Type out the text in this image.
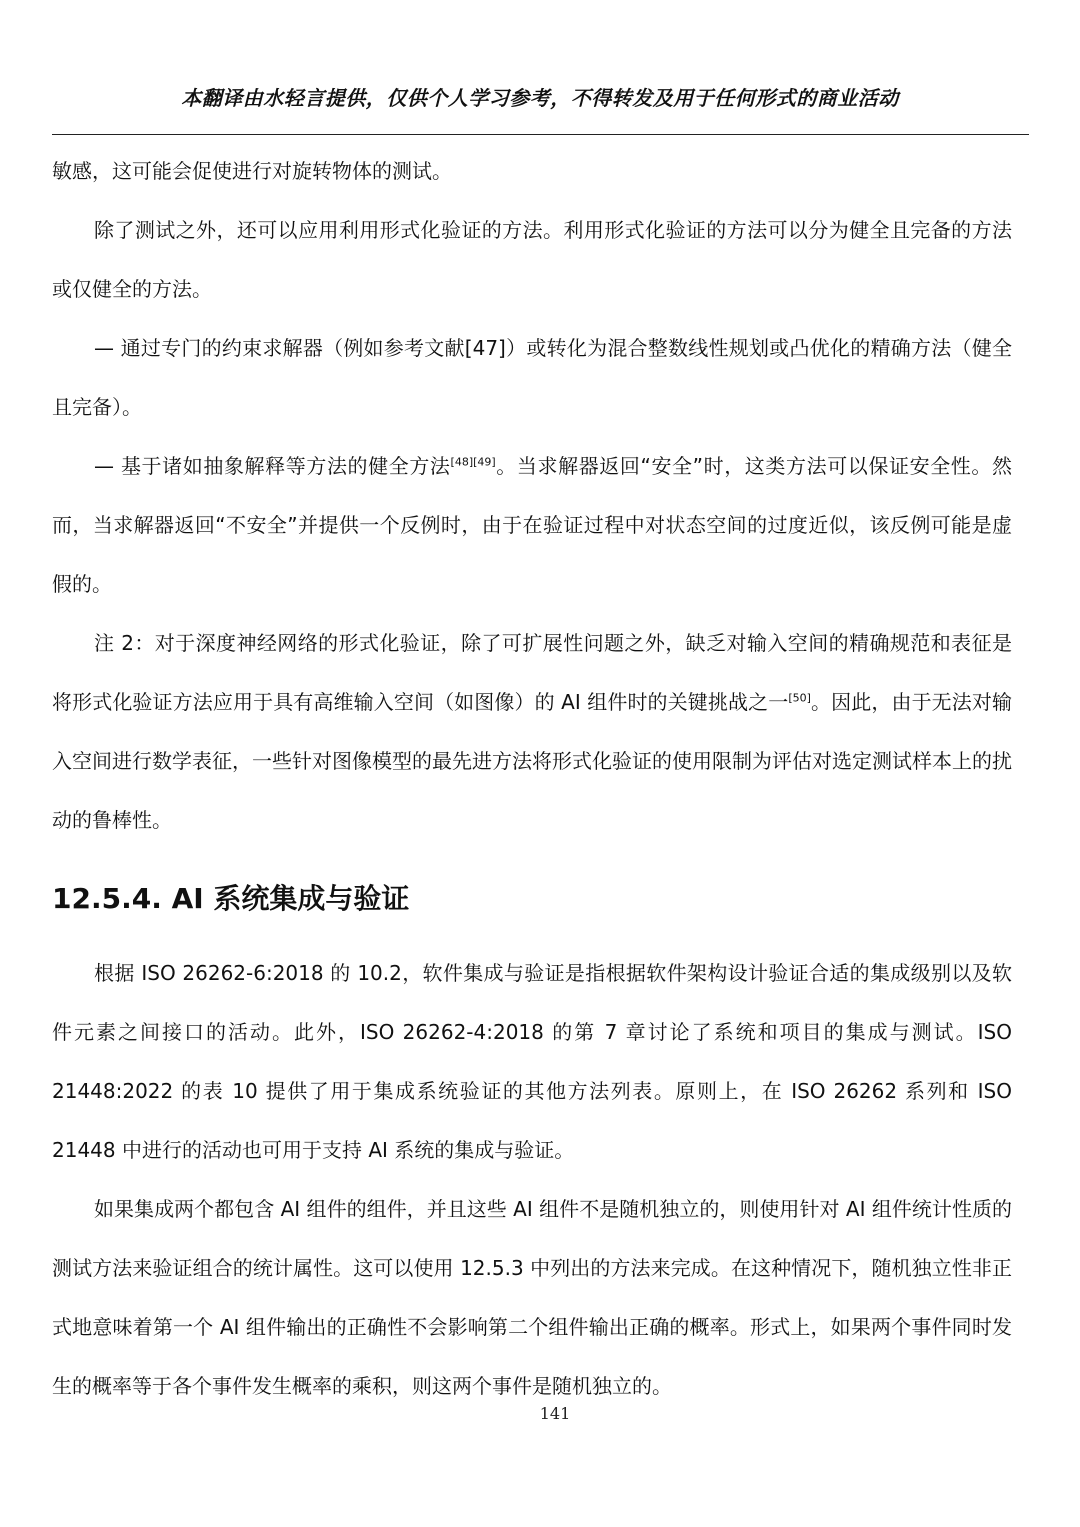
本翻译由水轻言提供，仅供个人学习参考，不得转发及用于任何形式的商业活动

敏感，这可能会促使进行对旋转物体的测试。

除了测试之外，还可以应用利用形式化验证的方法。利用形式化验证的方法可以分为健全且完备的方法或仅健全的方法。

— 通过专门的约束求解器（例如参考文献[47]）或转化为混合整数线性规划或凸优化的精确方法（健全且完备）。

— 基于诸如抽象解释等方法的健全方法[48][49]。当求解器返回“安全”时，这类方法可以保证安全性。然而，当求解器返回“不安全”并提供一个反例时，由于在验证过程中对状态空间的过度近似，该反例可能是虚假的。

注 2：对于深度神经网络的形式化验证，除了可扩展性问题之外，缺乏对输入空间的精确规范和表征是将形式化验证方法应用于具有高维输入空间（如图像）的 AI 组件时的关键挑战之一[50]。因此，由于无法对输入空间进行数学表征，一些针对图像模型的最先进方法将形式化验证的使用限制为评估对选定测试样本上的扰动的鲁棒性。

12.5.4. AI 系统集成与验证

根据 ISO 26262-6:2018 的 10.2，软件集成与验证是指根据软件架构设计验证合适的集成级别以及软件元素之间接口的活动。此外，ISO 26262-4:2018 的第 7 章讨论了系统和项目的集成与测试。ISO 21448:2022 的表 10 提供了用于集成系统验证的其他方法列表。原则上，在 ISO 26262 系列和 ISO 21448 中进行的活动也可用于支持 AI 系统的集成与验证。

如果集成两个都包含 AI 组件的组件，并且这些 AI 组件不是随机独立的，则使用针对 AI 组件统计性质的测试方法来验证组合的统计属性。这可以使用 12.5.3 中列出的方法来完成。在这种情况下，随机独立性非正式地意味着第一个 AI 组件输出的正确性不会影响第二个组件输出正确的概率。形式上，如果两个事件同时发生的概率等于各个事件发生概率的乘积，则这两个事件是随机独立的。

141
